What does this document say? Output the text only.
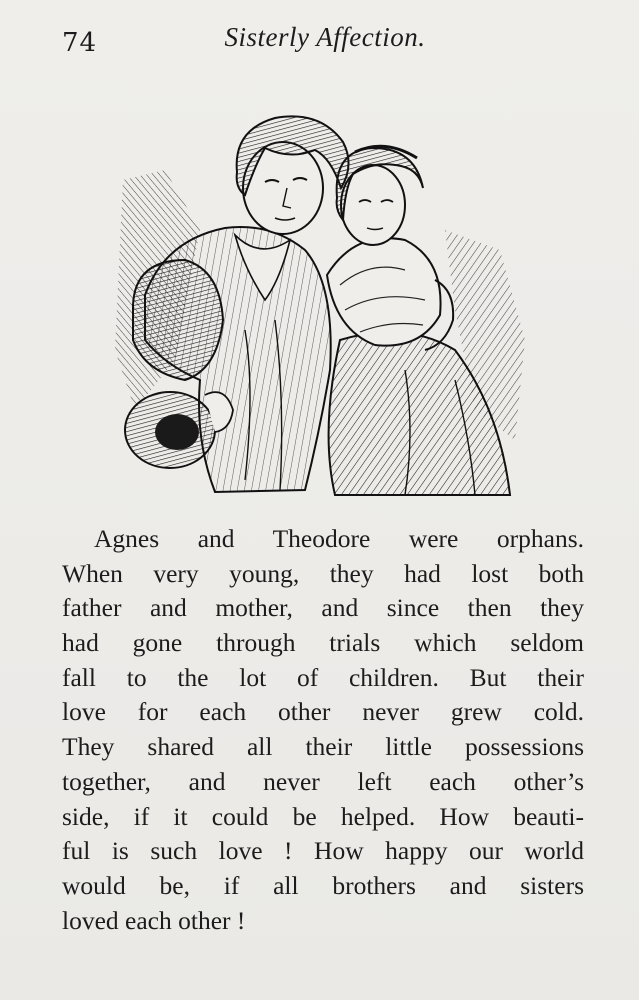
74	Sisterly Affection.
Agnes and Theodore were orphans.
When very young, they had lost both
father and mother, and since then they
had gone through trials which seldom
fall to the lot of children. But their
love for each other never grew cold.
They shared all their little possessions
together, and never left each other’s
side, if it could be helped. How beauti-
ful is such love ! How happy our world
would be, if all brothers and sisters
loved each other !
